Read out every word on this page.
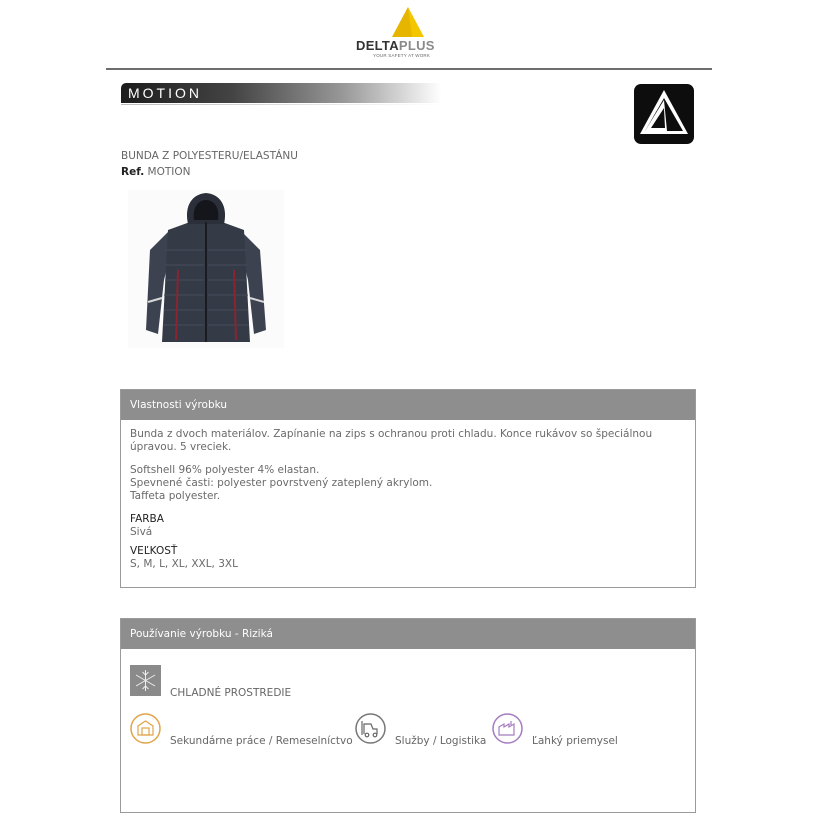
DELTAPLUS
YOUR SAFETY AT WORK
MOTION
BUNDA Z POLYESTERU/ELASTÁNU
Ref. MOTION
Vlastnosti výrobku

Bunda z dvoch materiálov. Zapínanie na zips s ochranou proti chladu. Konce rukávov so špeciálnou úpravou. 5 vreciek.

Softshell 96% polyester 4% elastan.
Spevnené časti: polyester povrstvený zateplený akrylom.
Taffeta polyester.

FARBA
Sivá
VEĽKOSŤ
S, M, L, XL, XXL, 3XL
Používanie výrobku - Riziká
CHLADNÉ PROSTREDIE
Sekundárne práce / Remeselníctvo	Služby / Logistika	Ľahký priemysel
